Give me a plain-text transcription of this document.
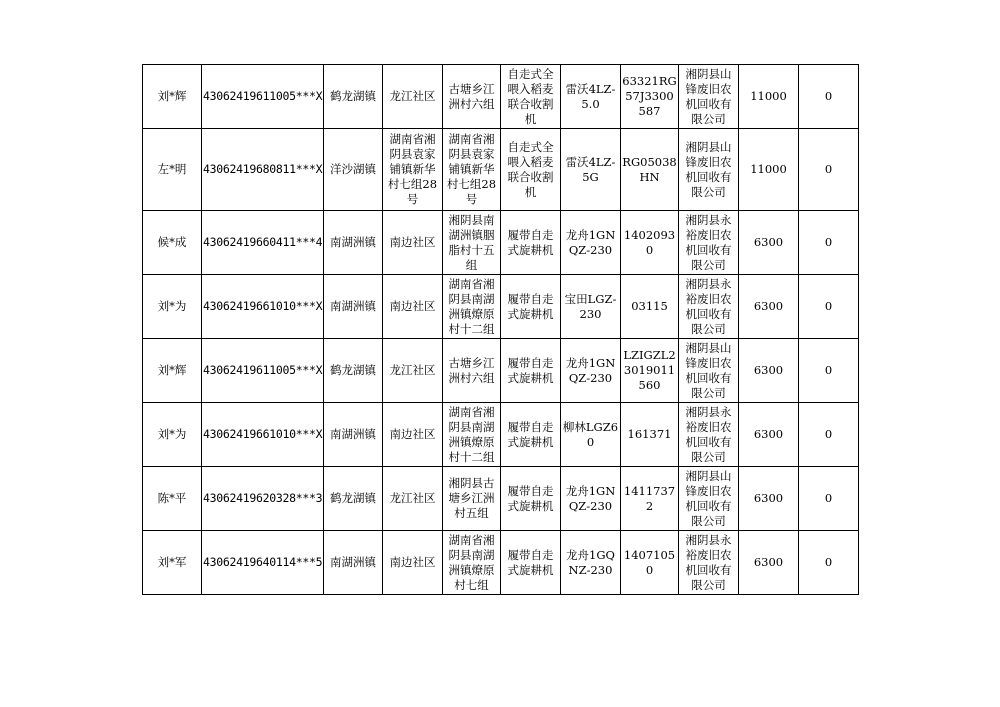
刘*辉	43062419611005***X	鹤龙湖镇	龙江社区	古塘乡江洲村六组	自走式全喂入稻麦联合收割机	雷沃4LZ-5.0	63321RG57J3300587	湘阴县山锋废旧农机回收有限公司	11000	0
左*明	43062419680811***X	洋沙湖镇	湖南省湘阴县袁家铺镇新华村七组28号	湖南省湘阴县袁家铺镇新华村七组28号	自走式全喂入稻麦联合收割机	雷沃4LZ-5G	RG05038HN	湘阴县山锋废旧农机回收有限公司	11000	0
候*成	43062419660411***4	南湖洲镇	南边社区	湘阴县南湖洲镇胭脂村十五组	履带自走式旋耕机	龙舟1GNQZ-230	14020930	湘阴县永裕废旧农机回收有限公司	6300	0
刘*为	43062419661010***X	南湖洲镇	南边社区	湖南省湘阴县南湖洲镇燎原村十二组	履带自走式旋耕机	宝田LGZ-230	03115	湘阴县永裕废旧农机回收有限公司	6300	0
刘*辉	43062419611005***X	鹤龙湖镇	龙江社区	古塘乡江洲村六组	履带自走式旋耕机	龙舟1GNQZ-230	LZIGZL23019011560	湘阴县山锋废旧农机回收有限公司	6300	0
刘*为	43062419661010***X	南湖洲镇	南边社区	湖南省湘阴县南湖洲镇燎原村十二组	履带自走式旋耕机	柳林LGZ60	161371	湘阴县永裕废旧农机回收有限公司	6300	0
陈*平	43062419620328***3	鹤龙湖镇	龙江社区	湘阴县古塘乡江洲村五组	履带自走式旋耕机	龙舟1GNQZ-230	14117372	湘阴县山锋废旧农机回收有限公司	6300	0
刘*军	43062419640114***5	南湖洲镇	南边社区	湖南省湘阴县南湖洲镇燎原村七组	履带自走式旋耕机	龙舟1GQNZ-230	14071050	湘阴县永裕废旧农机回收有限公司	6300	0
